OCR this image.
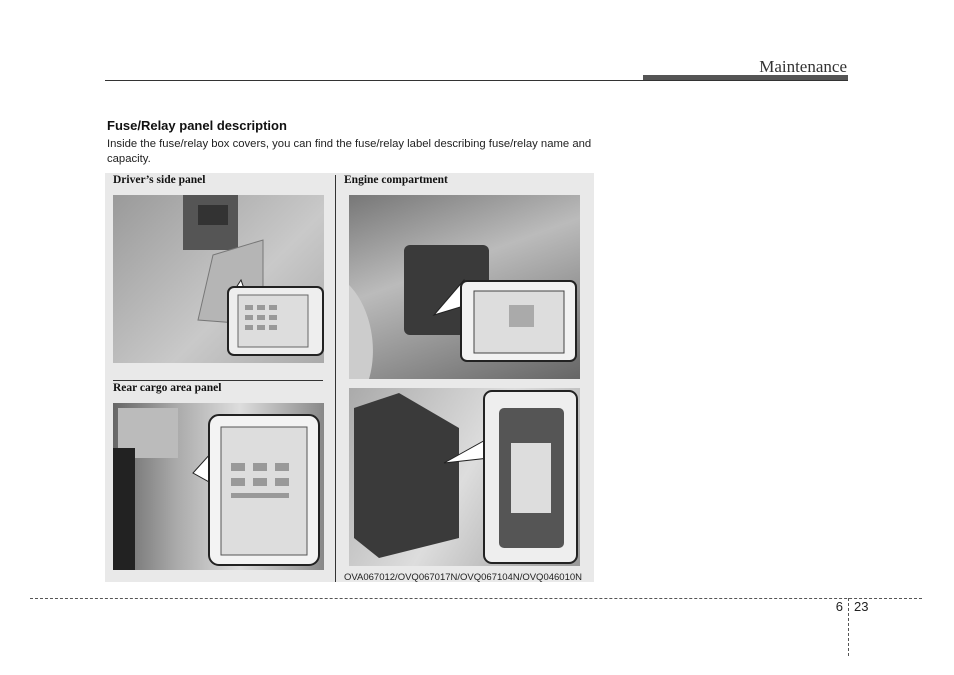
Maintenance
Fuse/Relay panel description
Inside the fuse/relay box covers, you can find the fuse/relay label describing fuse/relay name and capacity.
Driver’s side panel	Engine compartment
Rear cargo area panel
OVA067012/OVQ067017N/OVQ067104N/OVQ046010N
6 23
